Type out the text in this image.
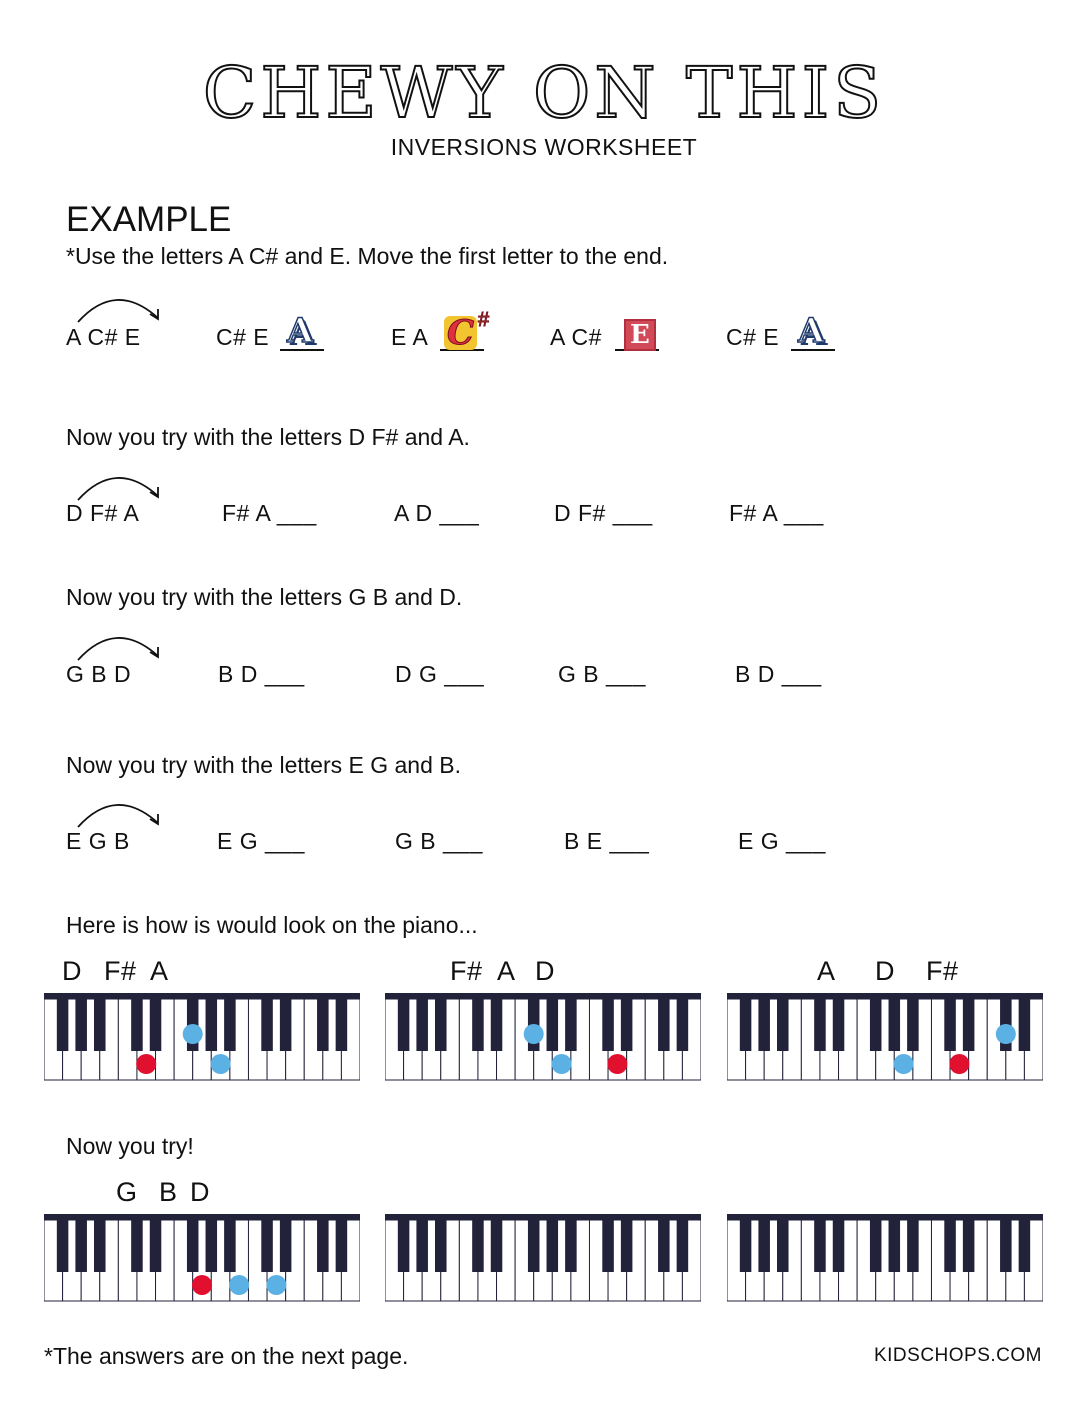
CHEWY ON THIS
INVERSIONS WORKSHEET
EXAMPLE
*Use the letters A C# and E. Move the first letter to the end.
A C# E	C# E A	E A C #
A C# E	C# E A
Now you try with the letters D F# and A.
D F# A	F# A ___	A D ___	D F# ___	F# A ___
Now you try with the letters G B and D.
G B D	B D ___	D G ___	G B ___	B D ___
Now you try with the letters E G and B.
E G B	E G ___	G B ___	B E ___	E G ___
Here is how is would look on the piano...
D F# A	F# A D	A D F#
Now you try!
G B D
*The answers are on the next page.	KIDSCHOPS.COM
